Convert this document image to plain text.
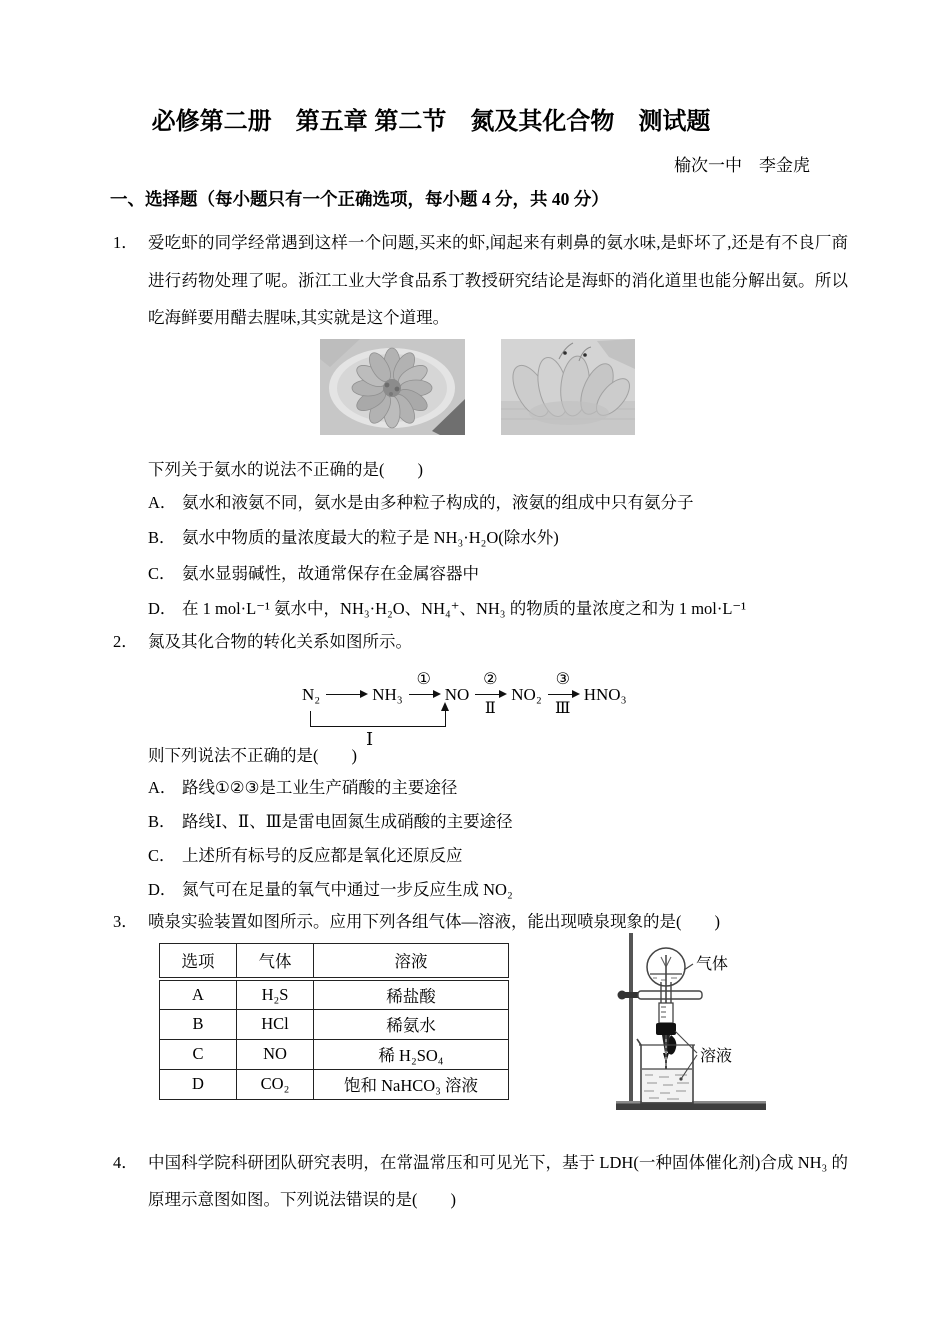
必修第二册　第五章 第二节　氮及其化合物　测试题
榆次一中　李金虎
一、选择题（每小题只有一个正确选项，每小题 4 分，共 40 分）
1． 爱吃虾的同学经常遇到这样一个问题,买来的虾,闻起来有刺鼻的氨水味,是虾坏了,还是有不良厂商进行药物处理了呢。浙江工业大学食品系丁教授研究结论是海虾的消化道里也能分解出氨。所以吃海鲜要用醋去腥味,其实就是这个道理。
下列关于氨水的说法不正确的是(　　)
A． 氨水和液氨不同，氨水是由多种粒子构成的，液氨的组成中只有氨分子
B． 氨水中物质的量浓度最大的粒子是 NH₃·H₂O(除水外)
C． 氨水显弱碱性，故通常保存在金属容器中
D． 在 1 mol·L⁻¹ 氨水中，NH₃·H₂O、NH₄⁺、NH₃ 的物质的量浓度之和为 1 mol·L⁻¹
2． 氮及其化合物的转化关系如图所示。
N₂	NH₃
①
NO
②
Ⅱ
NO₂
③
Ⅲ
HNO₃
Ⅰ
则下列说法不正确的是(　　)
A． 路线①②③是工业生产硝酸的主要途径
B． 路线Ⅰ、Ⅱ、Ⅲ是雷电固氮生成硝酸的主要途径
C． 上述所有标号的反应都是氧化还原反应
D． 氮气可在足量的氧气中通过一步反应生成 NO₂
3． 喷泉实验装置如图所示。应用下列各组气体—溶液，能出现喷泉现象的是(　　)
选项	气体	溶液
A	H₂S	稀盐酸
B	HCl	稀氨水
C	NO	稀 H₂SO₄
D	CO₂	饱和 NaHCO₃ 溶液
气体
溶液
4． 中国科学院科研团队研究表明，在常温常压和可见光下，基于 LDH(一种固体催化剂)合成 NH₃ 的原理示意图如图。下列说法错误的是(　　)
